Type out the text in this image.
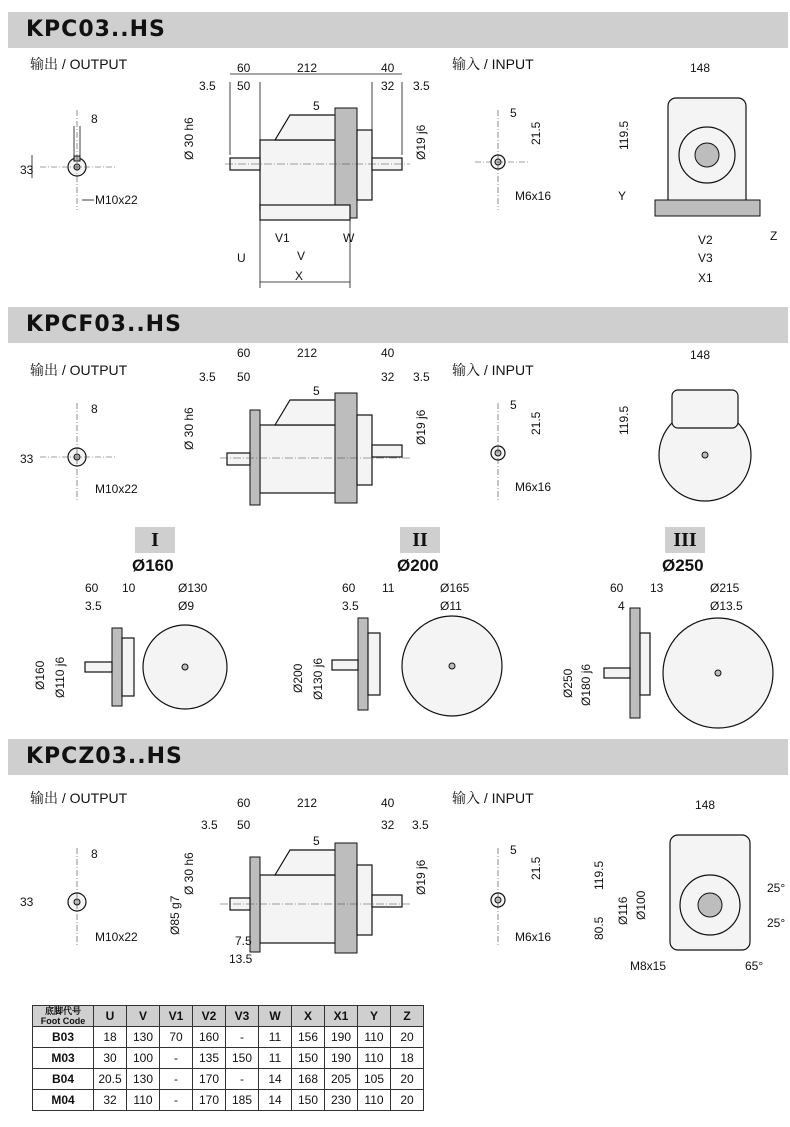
KPC03..HS
输出 / OUTPUT	输入 / INPUT
8
33
M10x22
60	212	40
3.5 50	32 3.5
5
Ø 30 h6	Ø19 j6
X
V
V1	W
U
5
21.5
M6x16
148
119.5
Y
Z
V2
V3
X1
KPCF03..HS
输出 / OUTPUT	输入 / INPUT
8
33
M10x22
60	212	40
3.5 50	32 3.5
5
Ø 30 h6	Ø19 j6
5
21.5
M6x16
148
119.5
I
Ø160
II
Ø200
III
Ø250
60 10
3.5
Ø130
Ø9
Ø160 Ø110 j6
60 11
3.5
Ø165
Ø11
Ø200 Ø130 j6
60 13
4
Ø215
Ø13.5
Ø250 Ø180 j6
KPCZ03..HS
输出 / OUTPUT	输入 / INPUT
8
33
M10x22
60	212	40
3.5 50	32 3.5
5
Ø 30 h6
Ø85 g7
Ø19 j6
7.5
13.5
5
21.5
M6x16
148
119.5
80.5
Ø116 Ø100
M8x15
25°
25°
65°
底脚代号
Foot Code	U	V	V1	V2	V3	W	X	X1	Y	Z
B03	18	130	70	160	-	11	156	190	110	20
M03	30	100	-	135	150	11	150	190	110	18
B04	20.5	130	-	170	-	14	168	205	105	20
M04	32	110	-	170	185	14	150	230	110	20
